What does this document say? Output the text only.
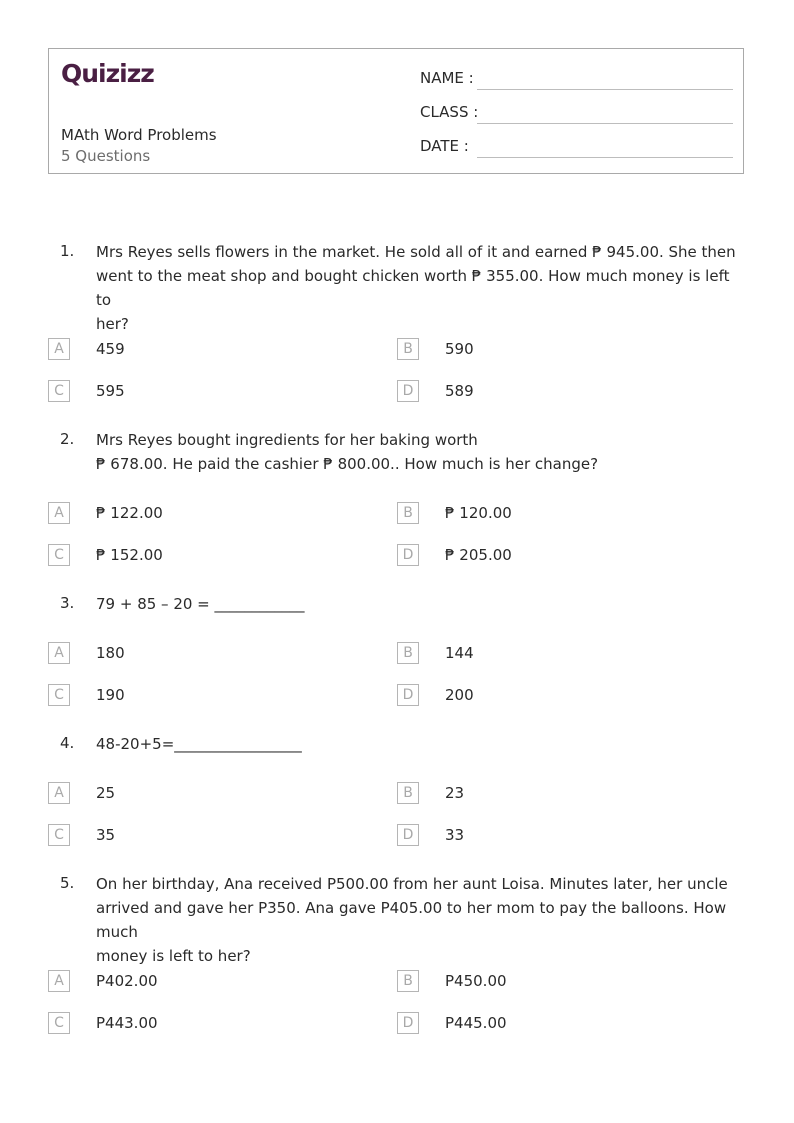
Quizizz
MAth Word Problems
5 Questions
NAME :
CLASS :
DATE :
1. Mrs Reyes sells flowers in the market. He sold all of it and earned ₱ 945.00. She then
went to the meat shop and bought chicken worth ₱ 355.00. How much money is left to
her?
A	459	B	590
C	595	D	589
2. Mrs Reyes bought ingredients for her baking worth
₱ 678.00. He paid the cashier ₱ 800.00.. How much is her change?
A	₱ 122.00	B	₱ 120.00
C	₱ 152.00	D	₱ 205.00
3. 79 + 85 – 20 = ____________
A	180	B	144
C	190	D	200
4. 48-20+5=_________________
A	25	B	23
C	35	D	33
5. On her birthday, Ana received P500.00 from her aunt Loisa. Minutes later, her uncle
arrived and gave her P350. Ana gave P405.00 to her mom to pay the balloons. How much
money is left to her?
A	P402.00	B	P450.00
C	P443.00	D	P445.00
